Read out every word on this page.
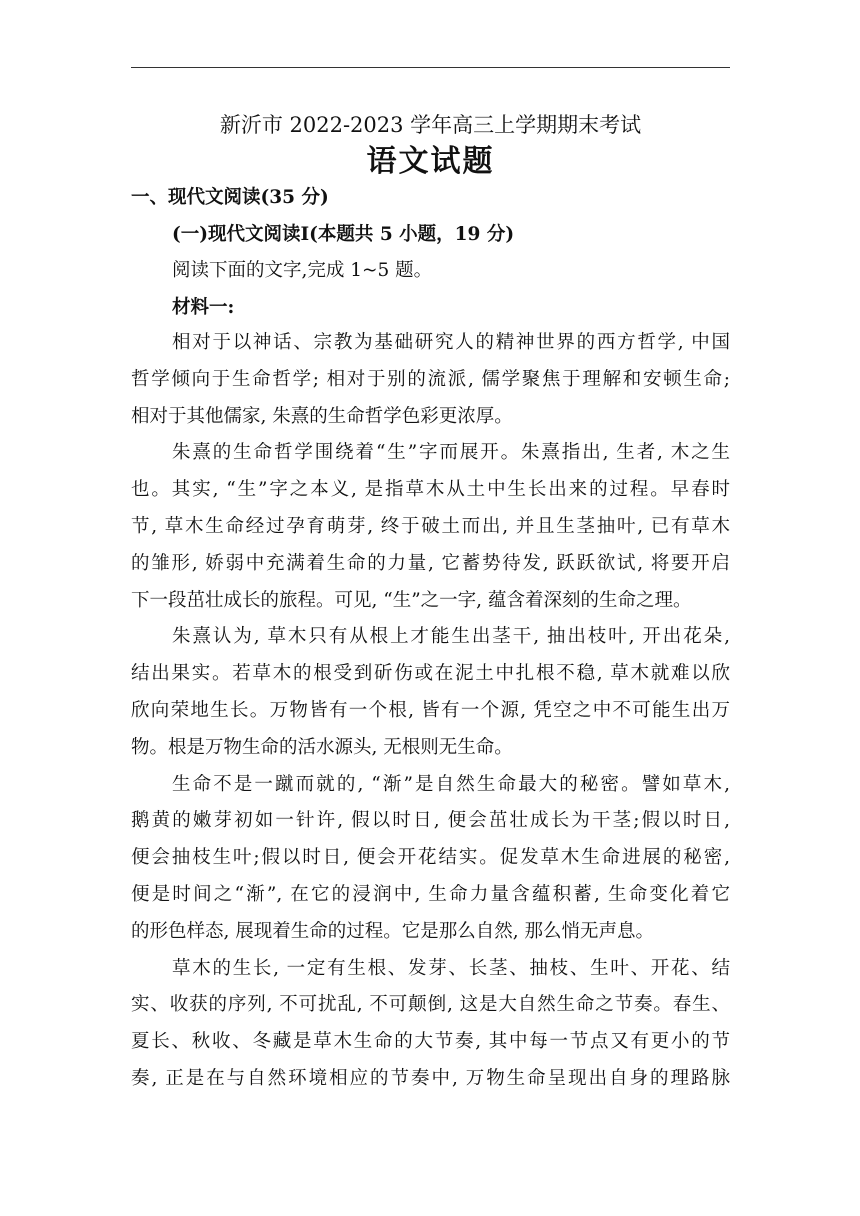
新沂市 2022-2023 学年高三上学期期末考试
语文试题
一、现代文阅读(35 分)
(一)现代文阅读I(本题共 5 小题，19 分)
阅读下面的文字,完成 1~5 题。
材料一:
相对于以神话、宗教为基础研究人的精神世界的西方哲学, 中国
哲学倾向于生命哲学; 相对于别的流派, 儒学聚焦于理解和安顿生命;
相对于其他儒家, 朱熹的生命哲学色彩更浓厚。
朱熹的生命哲学围绕着“生”字而展开。朱熹指出, 生者, 木之生
也。其实, “生”字之本义, 是指草木从土中生长出来的过程。早春时
节, 草木生命经过孕育萌芽, 终于破土而出, 并且生茎抽叶, 已有草木
的雏形, 娇弱中充满着生命的力量, 它蓄势待发, 跃跃欲试, 将要开启
下一段茁壮成长的旅程。可见, “生”之一字, 蕴含着深刻的生命之理。
朱熹认为, 草木只有从根上才能生出茎干, 抽出枝叶, 开出花朵,
结出果实。若草木的根受到斫伤或在泥土中扎根不稳, 草木就难以欣
欣向荣地生长。万物皆有一个根, 皆有一个源, 凭空之中不可能生出万
物。根是万物生命的活水源头, 无根则无生命。
生命不是一蹴而就的, “渐”是自然生命最大的秘密。譬如草木,
鹅黄的嫩芽初如一针许, 假以时日, 便会茁壮成长为干茎;假以时日,
便会抽枝生叶;假以时日, 便会开花结实。促发草木生命进展的秘密,
便是时间之“渐”, 在它的浸润中, 生命力量含蕴积蓄, 生命变化着它
的形色样态, 展现着生命的过程。它是那么自然, 那么悄无声息。
草木的生长, 一定有生根、发芽、长茎、抽枝、生叶、开花、结
实、收获的序列, 不可扰乱, 不可颠倒, 这是大自然生命之节奏。春生、
夏长、秋收、冬藏是草木生命的大节奏, 其中每一节点又有更小的节
奏, 正是在与自然环境相应的节奏中, 万物生命呈现出自身的理路脉
